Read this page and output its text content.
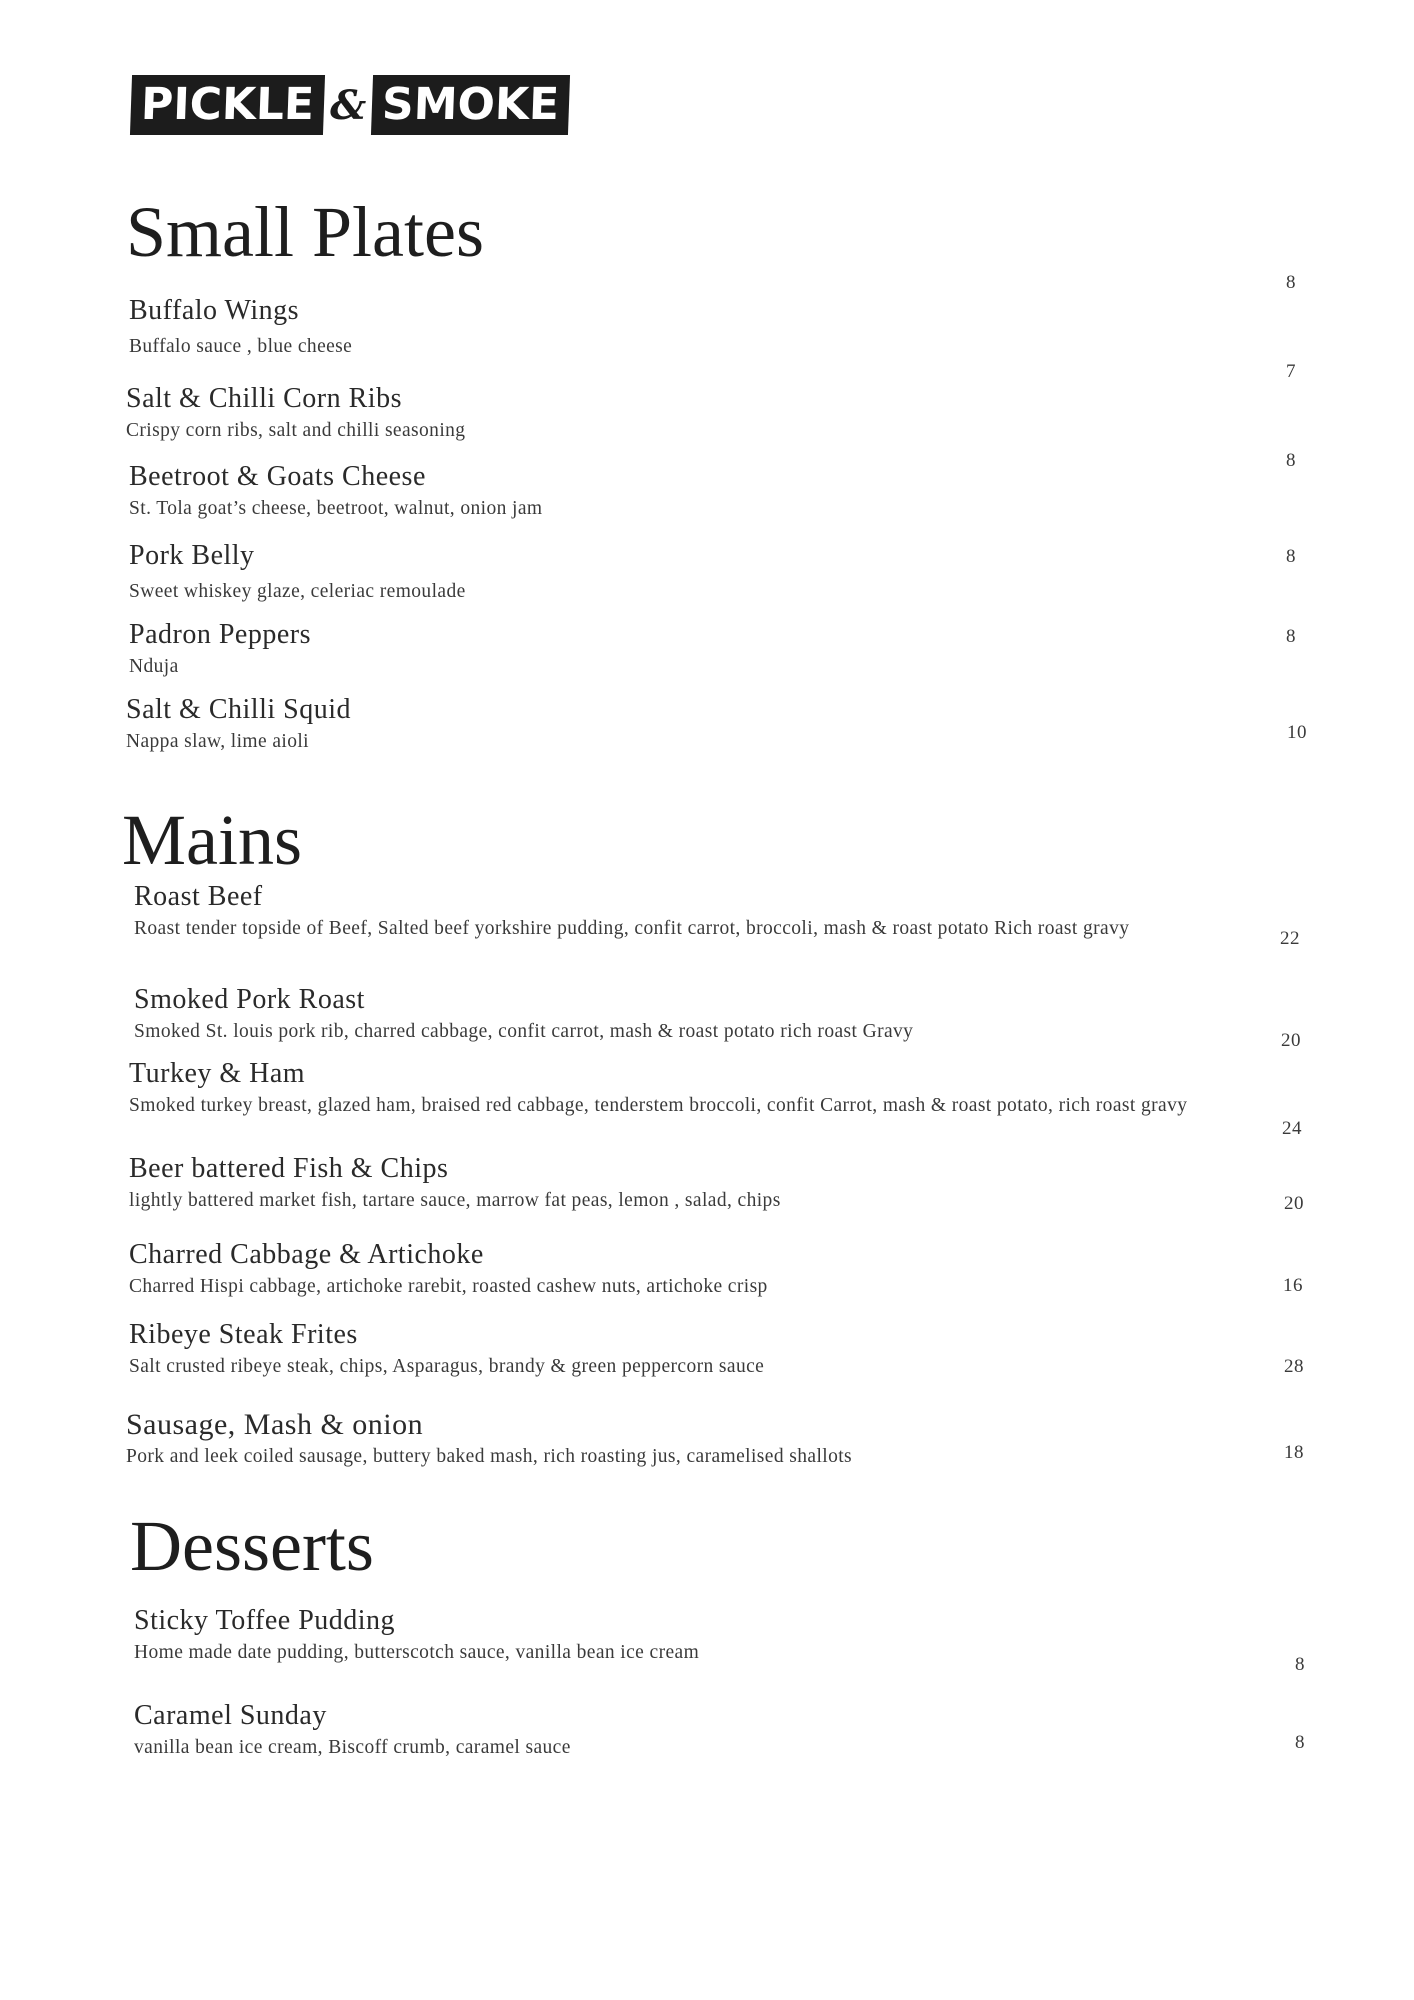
PICKLE & SMOKE
Small Plates
Buffalo Wings
Buffalo sauce , blue cheese
8
Salt & Chilli Corn Ribs
Crispy corn ribs, salt and chilli seasoning
7
Beetroot & Goats Cheese
St. Tola goat’s cheese, beetroot, walnut, onion jam
8
Pork Belly
Sweet whiskey glaze, celeriac remoulade
8
Padron Peppers
Nduja
8
Salt & Chilli Squid
Nappa slaw, lime aioli	10
Mains
Roast Beef
Roast tender topside of Beef, Salted beef yorkshire pudding, confit carrot, broccoli, mash & roast potato Rich roast gravy	22
Smoked Pork Roast
Smoked St. louis pork rib, charred cabbage, confit carrot, mash & roast potato rich roast Gravy	20
Turkey & Ham
Smoked turkey breast, glazed ham, braised red cabbage, tenderstem broccoli, confit Carrot, mash & roast potato, rich roast gravy
24
Beer battered Fish & Chips
lightly battered market fish, tartare sauce, marrow fat peas, lemon , salad, chips	20
Charred Cabbage & Artichoke
Charred Hispi cabbage, artichoke rarebit, roasted cashew nuts, artichoke crisp	16
Ribeye Steak Frites
Salt crusted ribeye steak, chips, Asparagus, brandy & green peppercorn sauce	28
Sausage, Mash & onion
Pork and leek coiled sausage, buttery baked mash, rich roasting jus, caramelised shallots	18
Desserts
Sticky Toffee Pudding
Home made date pudding, butterscotch sauce, vanilla bean ice cream
8
Caramel Sunday
vanilla bean ice cream, Biscoff crumb, caramel sauce	8
